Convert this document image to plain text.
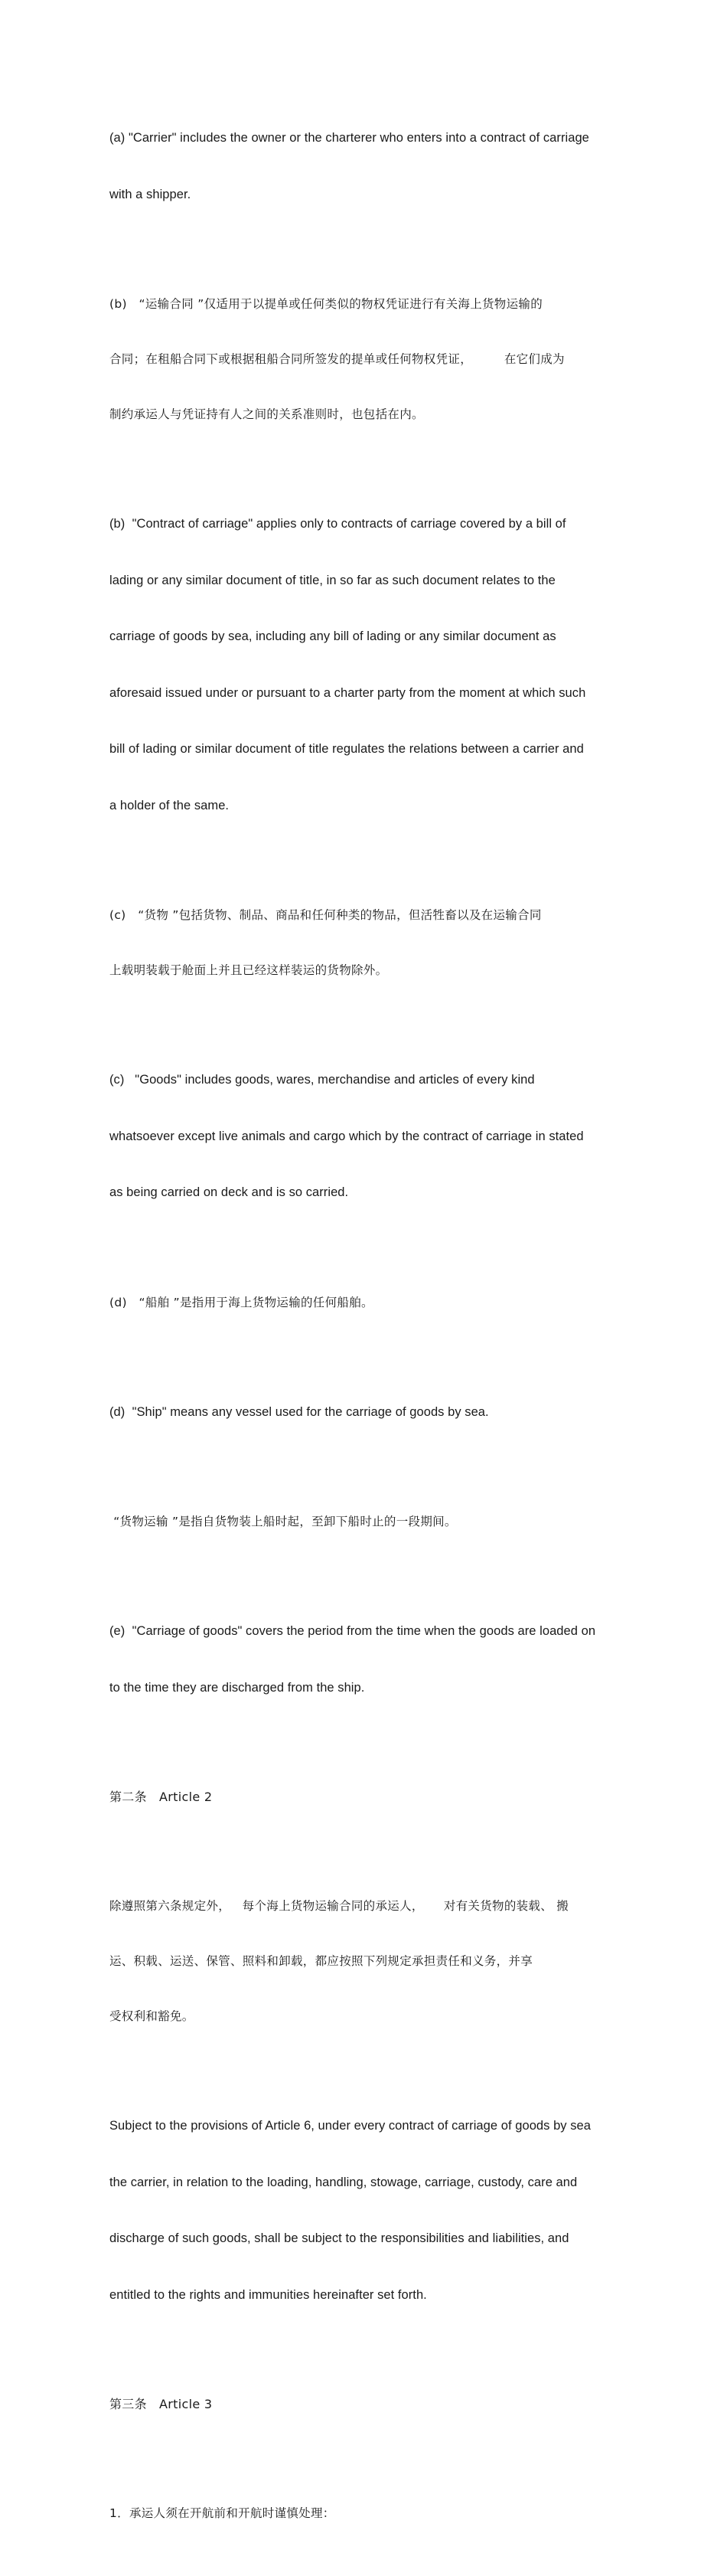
(a) "Carrier" includes the owner or the charterer who enters into a contract of carriage

with a shipper.

(b)   “运输合同 ”仅适用于以提单或任何类似的物权凭证进行有关海上货物运输的

合同；在租船合同下或根据租船合同所签发的提单或任何物权凭证，        在它们成为

制约承运人与凭证持有人之间的关系准则时，也包括在内。

(b)  "Contract of carriage" applies only to contracts of carriage covered by a bill of

lading or any similar document of title, in so far as such document relates to the

carriage of goods by sea, including any bill of lading or any similar document as

aforesaid issued under or pursuant to a charter party from the moment at which such

bill of lading or similar document of title regulates the relations between a carrier and

a holder of the same.

(c)   “货物 ”包括货物、制品、商品和任何种类的物品，但活牲畜以及在运输合同

上载明装载于舱面上并且已经这样装运的货物除外。

(c)   "Goods" includes goods, wares, merchandise and articles of every kind

whatsoever except live animals and cargo which by the contract of carriage in stated

as being carried on deck and is so carried.

(d)   “船舶 ”是指用于海上货物运输的任何船舶。

(d)  "Ship" means any vessel used for the carriage of goods by sea.

“货物运输 ”是指自货物装上船时起，至卸下船时止的一段期间。

(e)  "Carriage of goods" covers the period from the time when the goods are loaded on

to the time they are discharged from the ship.

第二条   Article 2

除遵照第六条规定外，   每个海上货物运输合同的承运人，     对有关货物的装载、 搬

运、积载、运送、保管、照料和卸载，都应按照下列规定承担责任和义务，并享

受权利和豁免。

Subject to the provisions of Article 6, under every contract of carriage of goods by sea

the carrier, in relation to the loading, handling, stowage, carriage, custody, care and

discharge of such goods, shall be subject to the responsibilities and liabilities, and

entitled to the rights and immunities hereinafter set forth.

第三条   Article 3

1．承运人须在开航前和开航时谨慎处理：
